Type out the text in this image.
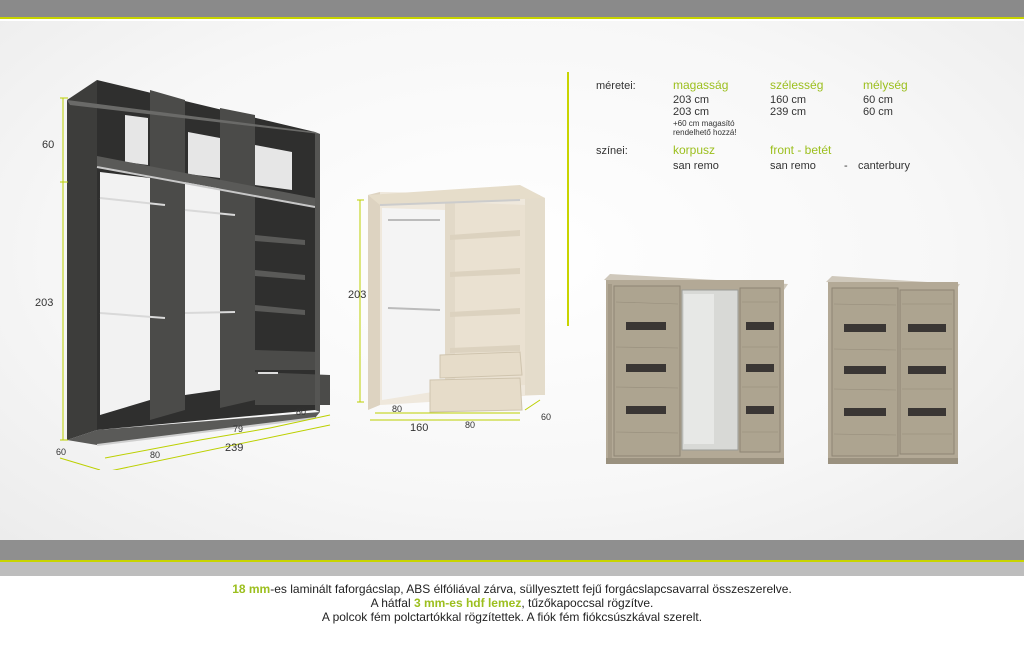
60
203
60	80
79
80
239
203
80
80
160
60
méretei:	magasság	szélesség	mélység
203 cm	160 cm	60 cm
203 cm	239 cm	60 cm
+60 cm magasító
rendelhető hozzá!
színei:	korpusz	front - betét
san remo	san remo	- canterbury
18 mm-es laminált faforgácslap, ABS élfóliával zárva, süllyesztett fejű forgácslapcsavarral összeszerelve.
A hátfal 3 mm-es hdf lemez, tűzőkapoccsal rögzítve.
A polcok fém polctartókkal rögzítettek. A fiók fém fiókcsúszkával szerelt.
